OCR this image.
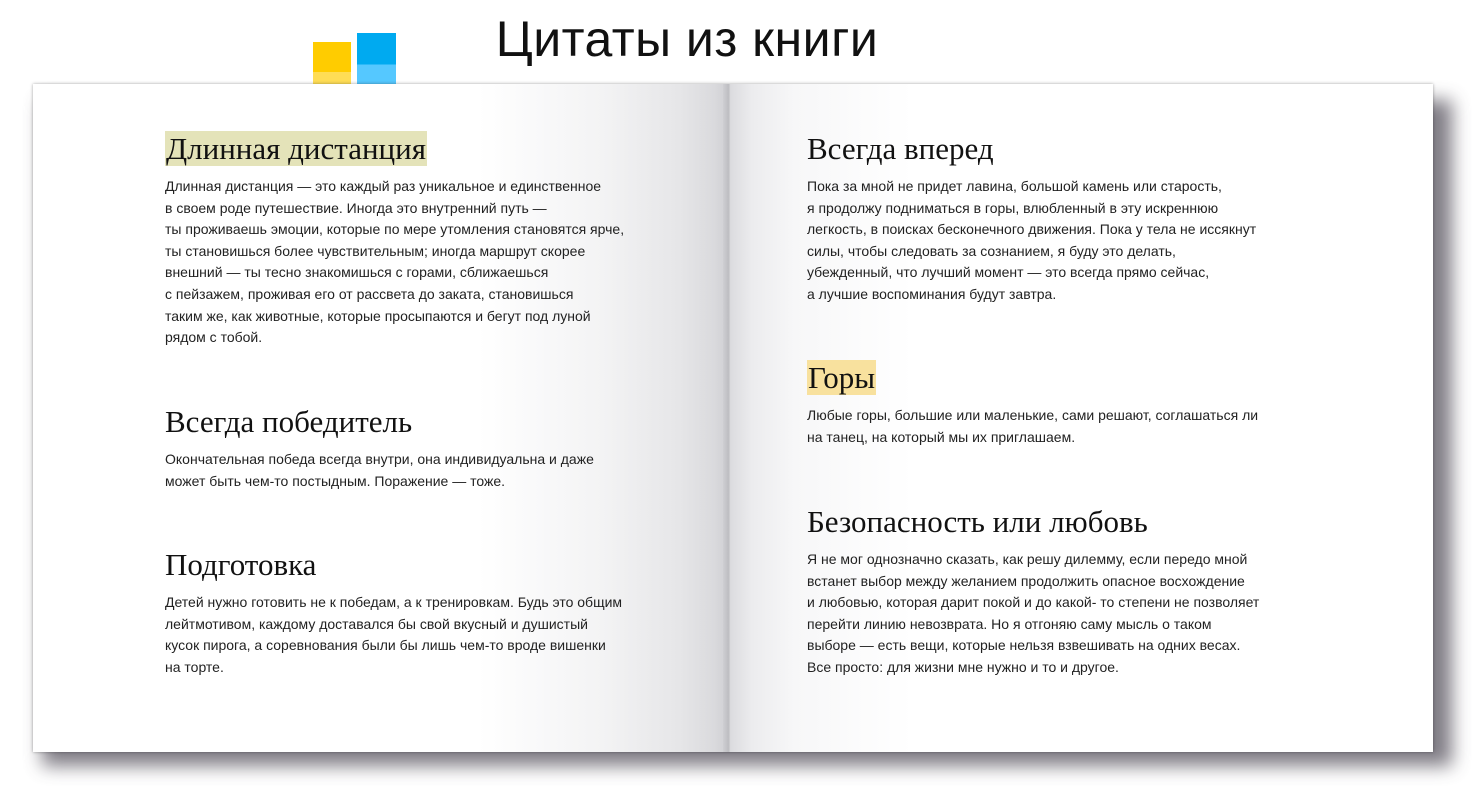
Цитаты из книги
Длинная дистанция

Длинная дистанция — это каждый раз уникальное и единственное
в своем роде путешествие. Иногда это внутренний путь —
ты проживаешь эмоции, которые по мере утомления становятся ярче,
ты становишься более чувствительным; иногда маршрут скорее
внешний — ты тесно знакомишься с горами, сближаешься
с пейзажем, проживая его от рассвета до заката, становишься
таким же, как животные, которые просыпаются и бегут под луной
рядом с тобой.

Всегда победитель

Окончательная победа всегда внутри, она индивидуальна и даже
может быть чем-то постыдным. Поражение — тоже.

Подготовка

Детей нужно готовить не к победам, а к тренировкам. Будь это общим
лейтмотивом, каждому доставался бы свой вкусный и душистый
кусок пирога, а соревнования были бы лишь чем-то вроде вишенки
на торте.

Всегда вперед

Пока за мной не придет лавина, большой камень или старость,
я продолжу подниматься в горы, влюбленный в эту искреннюю
легкость, в поисках бесконечного движения. Пока у тела не иссякнут
силы, чтобы следовать за сознанием, я буду это делать,
убежденный, что лучший момент — это всегда прямо сейчас,
а лучшие воспоминания будут завтра.

Горы

Любые горы, большие или маленькие, сами решают, соглашаться ли
на танец, на который мы их приглашаем.

Безопасность или любовь

Я не мог однозначно сказать, как решу дилемму, если передо мной
встанет выбор между желанием продолжить опасное восхождение
и любовью, которая дарит покой и до какой- то степени не позволяет
перейти линию невозврата. Но я отгоняю саму мысль о таком
выборе — есть вещи, которые нельзя взвешивать на одних весах.
Все просто: для жизни мне нужно и то и другое.
